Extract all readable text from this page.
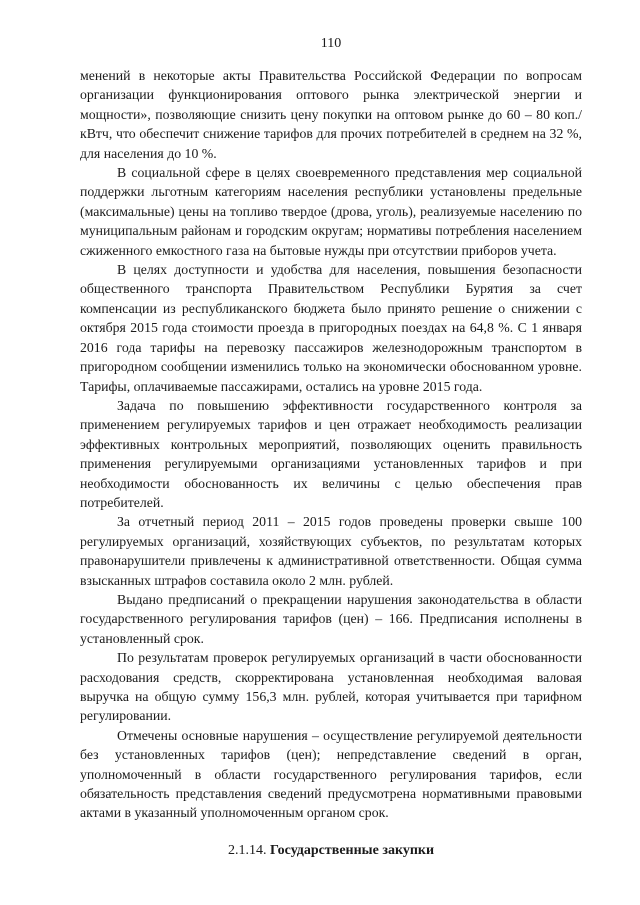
110

менений в некоторые акты Правительства Российской Федерации по вопросам организации функционирования оптового рынка электрической энергии и мощности», позволяющие снизить цену покупки на оптовом рынке до 60 – 80 коп./кВтч, что обеспечит снижение тарифов для прочих потребителей в среднем на 32 %, для населения до 10 %.

В социальной сфере в целях своевременного представления мер социальной поддержки льготным категориям населения республики установлены предельные (максимальные) цены на топливо твердое (дрова, уголь), реализуемые населению по муниципальным районам и городским округам; нормативы потребления населением сжиженного емкостного газа на бытовые нужды при отсутствии приборов учета.

В целях доступности и удобства для населения, повышения безопасности общественного транспорта Правительством Республики Бурятия за счет компенсации из республиканского бюджета было принято решение о снижении с октября 2015 года стоимости проезда в пригородных поездах на 64,8 %. С 1 января 2016 года тарифы на перевозку пассажиров железнодорожным транспортом в пригородном сообщении изменились только на экономически обоснованном уровне. Тарифы, оплачиваемые пассажирами, остались на уровне 2015 года.

Задача по повышению эффективности государственного контроля за применением регулируемых тарифов и цен отражает необходимость реализации эффективных контрольных мероприятий, позволяющих оценить правильность применения регулируемыми организациями установленных тарифов и при необходимости обоснованность их величины с целью обеспечения прав потребителей.

За отчетный период 2011 – 2015 годов проведены проверки свыше 100 регулируемых организаций, хозяйствующих субъектов, по результатам которых правонарушители привлечены к административной ответственности. Общая сумма взысканных штрафов составила около 2 млн. рублей.

Выдано предписаний о прекращении нарушения законодательства в области государственного регулирования тарифов (цен) – 166. Предписания исполнены в установленный срок.

По результатам проверок регулируемых организаций в части обоснованности расходования средств, скорректирована установленная необходимая валовая выручка на общую сумму 156,3 млн. рублей, которая учитывается при тарифном регулировании.

Отмечены основные нарушения – осуществление регулируемой деятельности без установленных тарифов (цен); непредставление сведений в орган, уполномоченный в области государственного регулирования тарифов, если обязательность представления сведений предусмотрена нормативными правовыми актами в указанный уполномоченным органом срок.

2.1.14. Государственные закупки
